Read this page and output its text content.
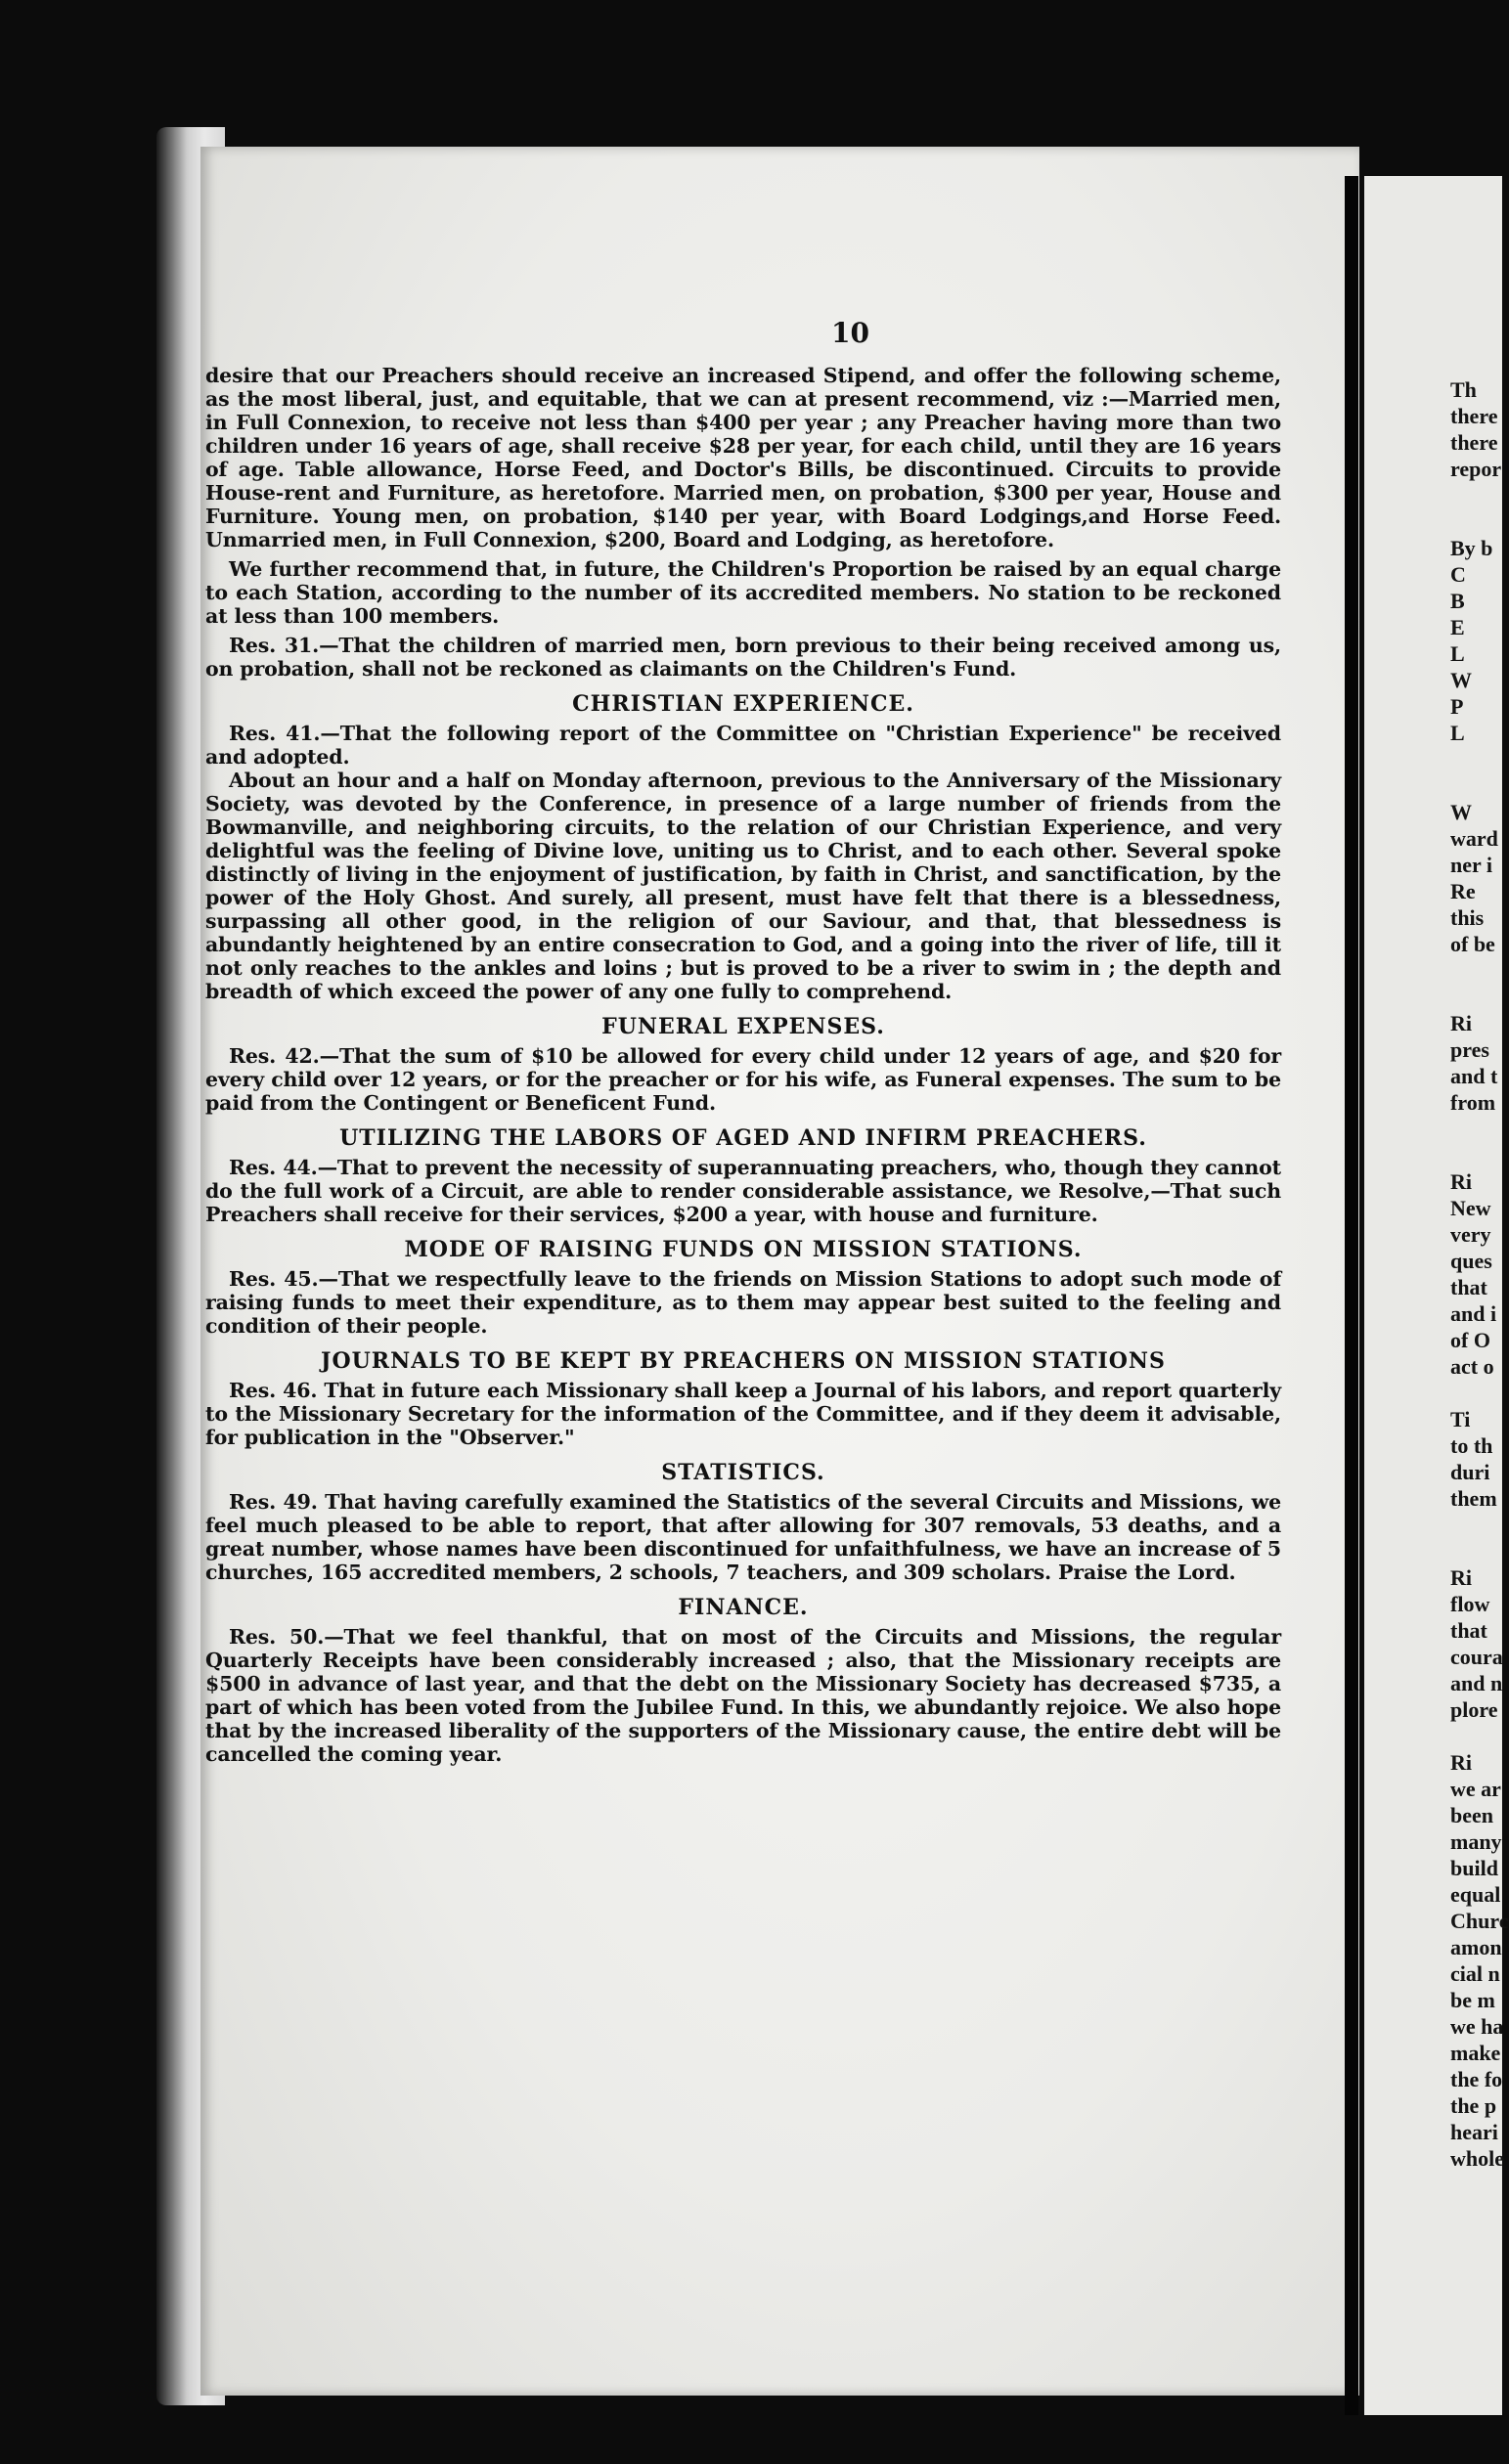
Th
there
there
repor

By b
C
B
E
L
W
P
L

W
ward
ner i
Re
this
of be

Ri
pres
and t
from

Ri
New
very
ques
that
and i
of O
act o

Ti
to th
duri
them

Ri
flow
that
coura
and n
plore

Ri
we ar
been
many
build
equal
Churc
amon
cial n
be m
we ha
make
the fo
the p
heari
whole
10

desire that our Preachers should receive an increased Stipend, and offer the following scheme, as the most liberal, just, and equitable, that we can at present recommend, viz :—Married men, in Full Connexion, to receive not less than $400 per year ; any Preacher having more than two children under 16 years of age, shall receive $28 per year, for each child, until they are 16 years of age. Table allowance, Horse Feed, and Doctor's Bills, be discontinued. Circuits to provide House-rent and Furniture, as heretofore. Married men, on probation, $300 per year, House and Furniture. Young men, on probation, $140 per year, with Board Lodgings,and Horse Feed. Unmarried men, in Full Connexion, $200, Board and Lodging, as heretofore.

We further recommend that, in future, the Children's Proportion be raised by an equal charge to each Station, according to the number of its accredited members. No station to be reckoned at less than 100 members.

Res. 31.—That the children of married men, born previous to their being received among us, on probation, shall not be reckoned as claimants on the Children's Fund.

CHRISTIAN EXPERIENCE.

Res. 41.—That the following report of the Committee on "Christian Experience" be received and adopted.

About an hour and a half on Monday afternoon, previous to the Anniversary of the Missionary Society, was devoted by the Conference, in presence of a large number of friends from the Bowmanville, and neighboring circuits, to the relation of our Christian Experience, and very delightful was the feeling of Divine love, uniting us to Christ, and to each other. Several spoke distinctly of living in the enjoyment of justification, by faith in Christ, and sanctification, by the power of the Holy Ghost. And surely, all present, must have felt that there is a blessedness, surpassing all other good, in the religion of our Saviour, and that, that blessedness is abundantly heightened by an entire consecration to God, and a going into the river of life, till it not only reaches to the ankles and loins ; but is proved to be a river to swim in ; the depth and breadth of which exceed the power of any one fully to comprehend.

FUNERAL EXPENSES.

Res. 42.—That the sum of $10 be allowed for every child under 12 years of age, and $20 for every child over 12 years, or for the preacher or for his wife, as Funeral expenses. The sum to be paid from the Contingent or Beneficent Fund.

UTILIZING THE LABORS OF AGED AND INFIRM PREACHERS.

Res. 44.—That to prevent the necessity of superannuating preachers, who, though they cannot do the full work of a Circuit, are able to render considerable assistance, we Resolve,—That such Preachers shall receive for their services, $200 a year, with house and furniture.

MODE OF RAISING FUNDS ON MISSION STATIONS.

Res. 45.—That we respectfully leave to the friends on Mission Stations to adopt such mode of raising funds to meet their expenditure, as to them may appear best suited to the feeling and condition of their people.

JOURNALS TO BE KEPT BY PREACHERS ON MISSION STATIONS

Res. 46. That in future each Missionary shall keep a Journal of his labors, and report quarterly to the Missionary Secretary for the information of the Committee, and if they deem it advisable, for publication in the "Observer."

STATISTICS.

Res. 49. That having carefully examined the Statistics of the several Circuits and Missions, we feel much pleased to be able to report, that after allowing for 307 removals, 53 deaths, and a great number, whose names have been discontinued for unfaithfulness, we have an increase of 5 churches, 165 accredited members, 2 schools, 7 teachers, and 309 scholars. Praise the Lord.

FINANCE.

Res. 50.—That we feel thankful, that on most of the Circuits and Missions, the regular Quarterly Receipts have been considerably increased ; also, that the Missionary receipts are $500 in advance of last year, and that the debt on the Missionary Society has decreased $735, a part of which has been voted from the Jubilee Fund. In this, we abundantly rejoice. We also hope that by the increased liberality of the supporters of the Missionary cause, the entire debt will be cancelled the coming year.
